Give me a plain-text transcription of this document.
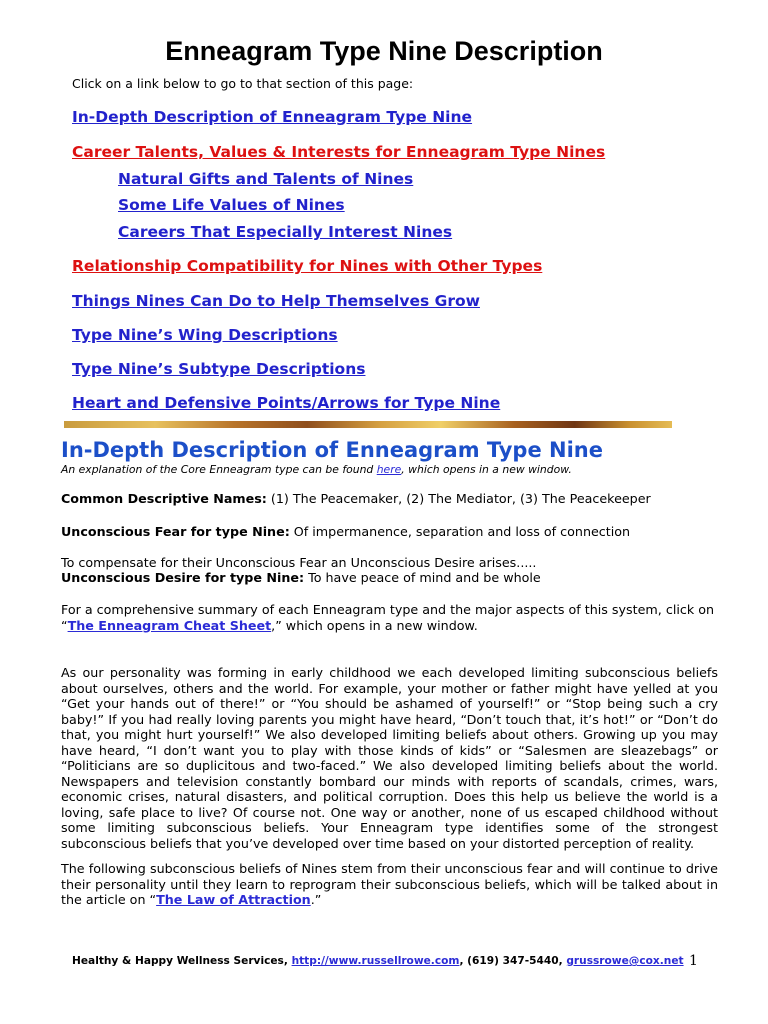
Enneagram Type Nine Description
Click on a link below to go to that section of this page:
In-Depth Description of Enneagram Type Nine
Career Talents, Values & Interests for Enneagram Type Nines
Natural Gifts and Talents of Nines
Some Life Values of Nines
Careers That Especially Interest Nines
Relationship Compatibility for Nines with Other Types
Things Nines Can Do to Help Themselves Grow
Type Nine’s Wing Descriptions
Type Nine’s Subtype Descriptions
Heart and Defensive Points/Arrows for Type Nine
In-Depth Description of Enneagram Type Nine
An explanation of the Core Enneagram type can be found here, which opens in a new window.
Common Descriptive Names: (1) The Peacemaker, (2) The Mediator, (3) The Peacekeeper
Unconscious Fear for type Nine: Of impermanence, separation and loss of connection
To compensate for their Unconscious Fear an Unconscious Desire arises.....
Unconscious Desire for type Nine: To have peace of mind and be whole
For a comprehensive summary of each Enneagram type and the major aspects of this system, click on
“The Enneagram Cheat Sheet,” which opens in a new window.
As our personality was forming in early childhood we each developed limiting subconscious beliefs about ourselves, others and the world. For example, your mother or father might have yelled at you “Get your hands out of there!” or “You should be ashamed of yourself!” or “Stop being such a cry baby!” If you had really loving parents you might have heard, “Don’t touch that, it’s hot!” or “Don’t do that, you might hurt yourself!” We also developed limiting beliefs about others. Growing up you may have heard, “I don’t want you to play with those kinds of kids” or “Salesmen are sleazebags” or “Politicians are so duplicitous and two-faced.” We also developed limiting beliefs about the world. Newspapers and television constantly bombard our minds with reports of scandals, crimes, wars, economic crises, natural disasters, and political corruption. Does this help us believe the world is a loving, safe place to live? Of course not. One way or another, none of us escaped childhood without some limiting subconscious beliefs. Your Enneagram type identifies some of the strongest subconscious beliefs that you’ve developed over time based on your distorted perception of reality.
The following subconscious beliefs of Nines stem from their unconscious fear and will continue to drive their personality until they learn to reprogram their subconscious beliefs, which will be talked about in the article on “The Law of Attraction.”
Healthy & Happy Wellness Services, http://www.russellrowe.com, (619) 347-5440, grussrowe@cox.net 1
